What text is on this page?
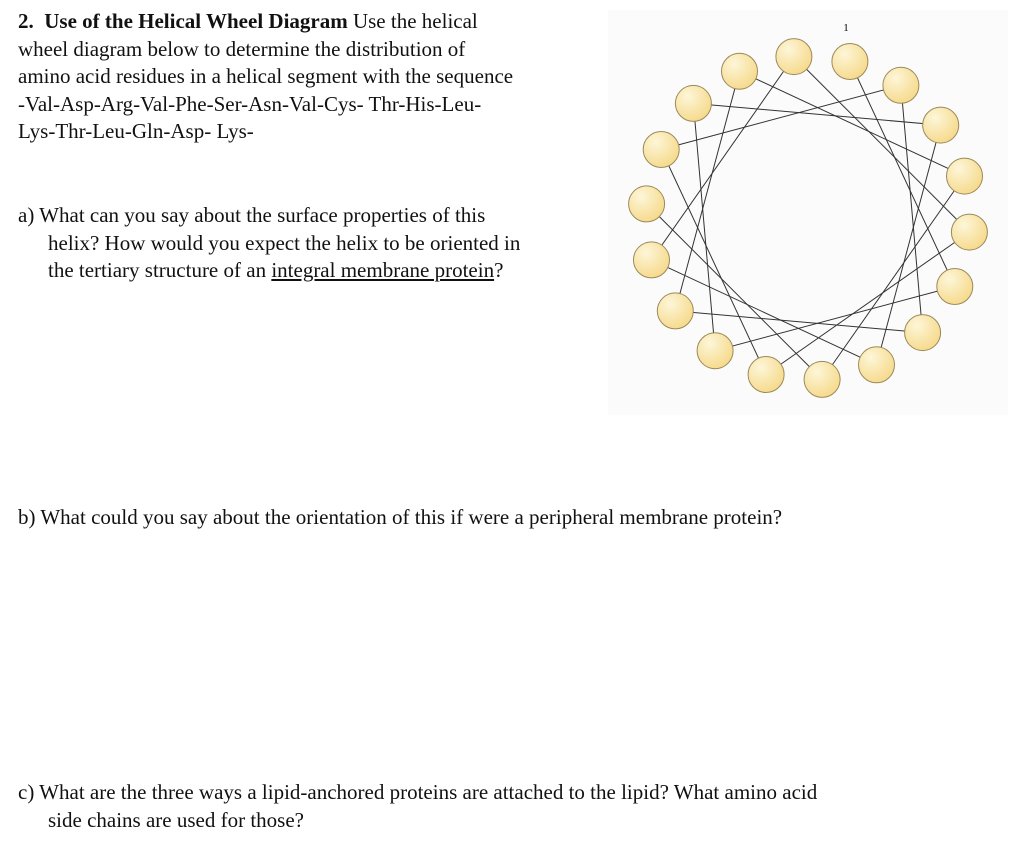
2. Use of the Helical Wheel Diagram Use the helical
wheel diagram below to determine the distribution of
amino acid residues in a helical segment with the sequence
-Val-Asp-Arg-Val-Phe-Ser-Asn-Val-Cys- Thr-His-Leu-
Lys-Thr-Leu-Gln-Asp- Lys-
a) What can you say about the surface properties of this
helix? How would you expect the helix to be oriented in
the tertiary structure of an integral membrane protein?
b) What could you say about the orientation of this if were a peripheral membrane protein?
c) What are the three ways a lipid-anchored proteins are attached to the lipid? What amino acid
side chains are used for those?
1
